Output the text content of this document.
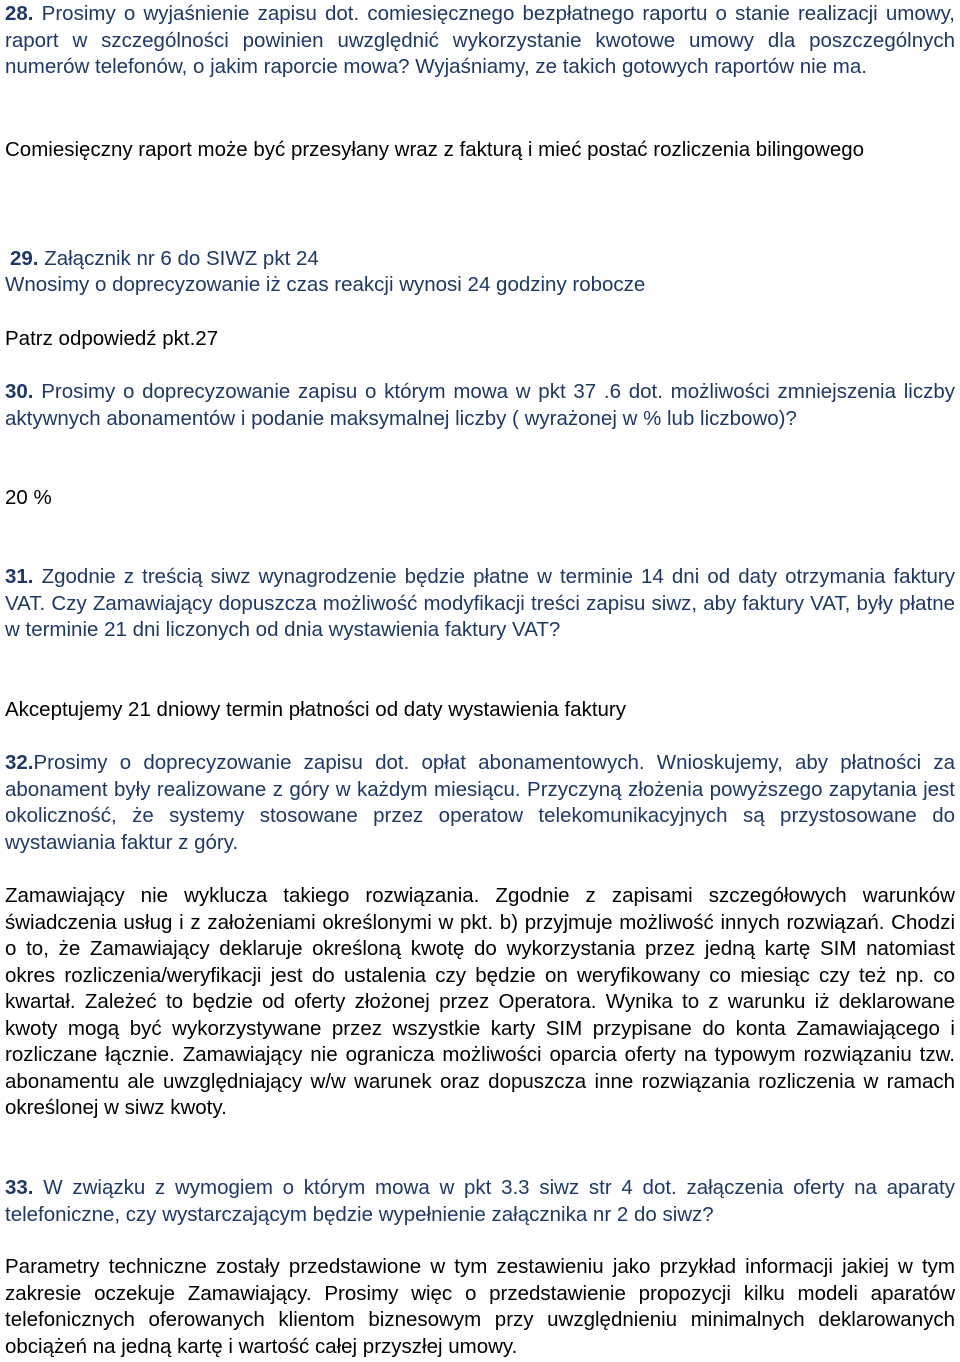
28. Prosimy o wyjaśnienie zapisu dot. comiesięcznego bezpłatnego raportu o stanie realizacji umowy, raport w szczególności powinien uwzględnić wykorzystanie kwotowe umowy dla poszczególnych numerów telefonów, o jakim raporcie mowa? Wyjaśniamy, ze takich gotowych raportów nie ma.

Comiesięczny raport może być przesyłany wraz z fakturą i mieć postać rozliczenia bilingowego

29. Załącznik nr 6 do SIWZ pkt 24

Wnosimy o doprecyzowanie iż czas reakcji wynosi 24 godziny robocze

Patrz odpowiedź pkt.27

30. Prosimy o doprecyzowanie zapisu o którym mowa w pkt 37 .6 dot. możliwości zmniejszenia liczby aktywnych abonamentów i podanie maksymalnej liczby ( wyrażonej w % lub liczbowo)?

20 %

31. Zgodnie z treścią siwz wynagrodzenie będzie płatne w terminie 14 dni od daty otrzymania faktury VAT. Czy Zamawiający dopuszcza możliwość modyfikacji treści zapisu siwz, aby faktury VAT, były płatne w terminie 21 dni liczonych od dnia wystawienia faktury VAT?

Akceptujemy 21 dniowy termin płatności od daty wystawienia faktury

32.Prosimy o doprecyzowanie zapisu dot. opłat abonamentowych. Wnioskujemy, aby płatności za abonament były realizowane z góry w każdym miesiącu. Przyczyną złożenia powyższego zapytania jest okoliczność, że systemy stosowane przez operatow telekomunikacyjnych są przystosowane do wystawiania faktur z góry.

Zamawiający nie wyklucza takiego rozwiązania. Zgodnie z zapisami szczegółowych warunków świadczenia usług i z założeniami określonymi w pkt. b) przyjmuje możliwość innych rozwiązań. Chodzi o to, że Zamawiający deklaruje określoną kwotę do wykorzystania przez jedną kartę SIM natomiast okres rozliczenia/weryfikacji jest do ustalenia czy będzie on weryfikowany co miesiąc czy też np. co kwartał. Zależeć to będzie od oferty złożonej przez Operatora. Wynika to z warunku iż deklarowane kwoty mogą być wykorzystywane przez wszystkie karty SIM przypisane do konta Zamawiającego i rozliczane łącznie. Zamawiający nie ogranicza możliwości oparcia oferty na typowym rozwiązaniu tzw. abonamentu ale uwzględniający w/w warunek oraz dopuszcza inne rozwiązania rozliczenia w ramach określonej w siwz kwoty.

33. W związku z wymogiem o którym mowa w pkt 3.3 siwz str 4 dot. załączenia oferty na aparaty telefoniczne, czy wystarczającym będzie wypełnienie załącznika nr 2 do siwz?

Parametry techniczne zostały przedstawione w tym zestawieniu jako przykład informacji jakiej w tym zakresie oczekuje Zamawiający. Prosimy więc o przedstawienie propozycji kilku modeli aparatów telefonicznych oferowanych klientom biznesowym przy uwzględnieniu minimalnych deklarowanych obciążeń na jedną kartę i wartość całej przyszłej umowy.
